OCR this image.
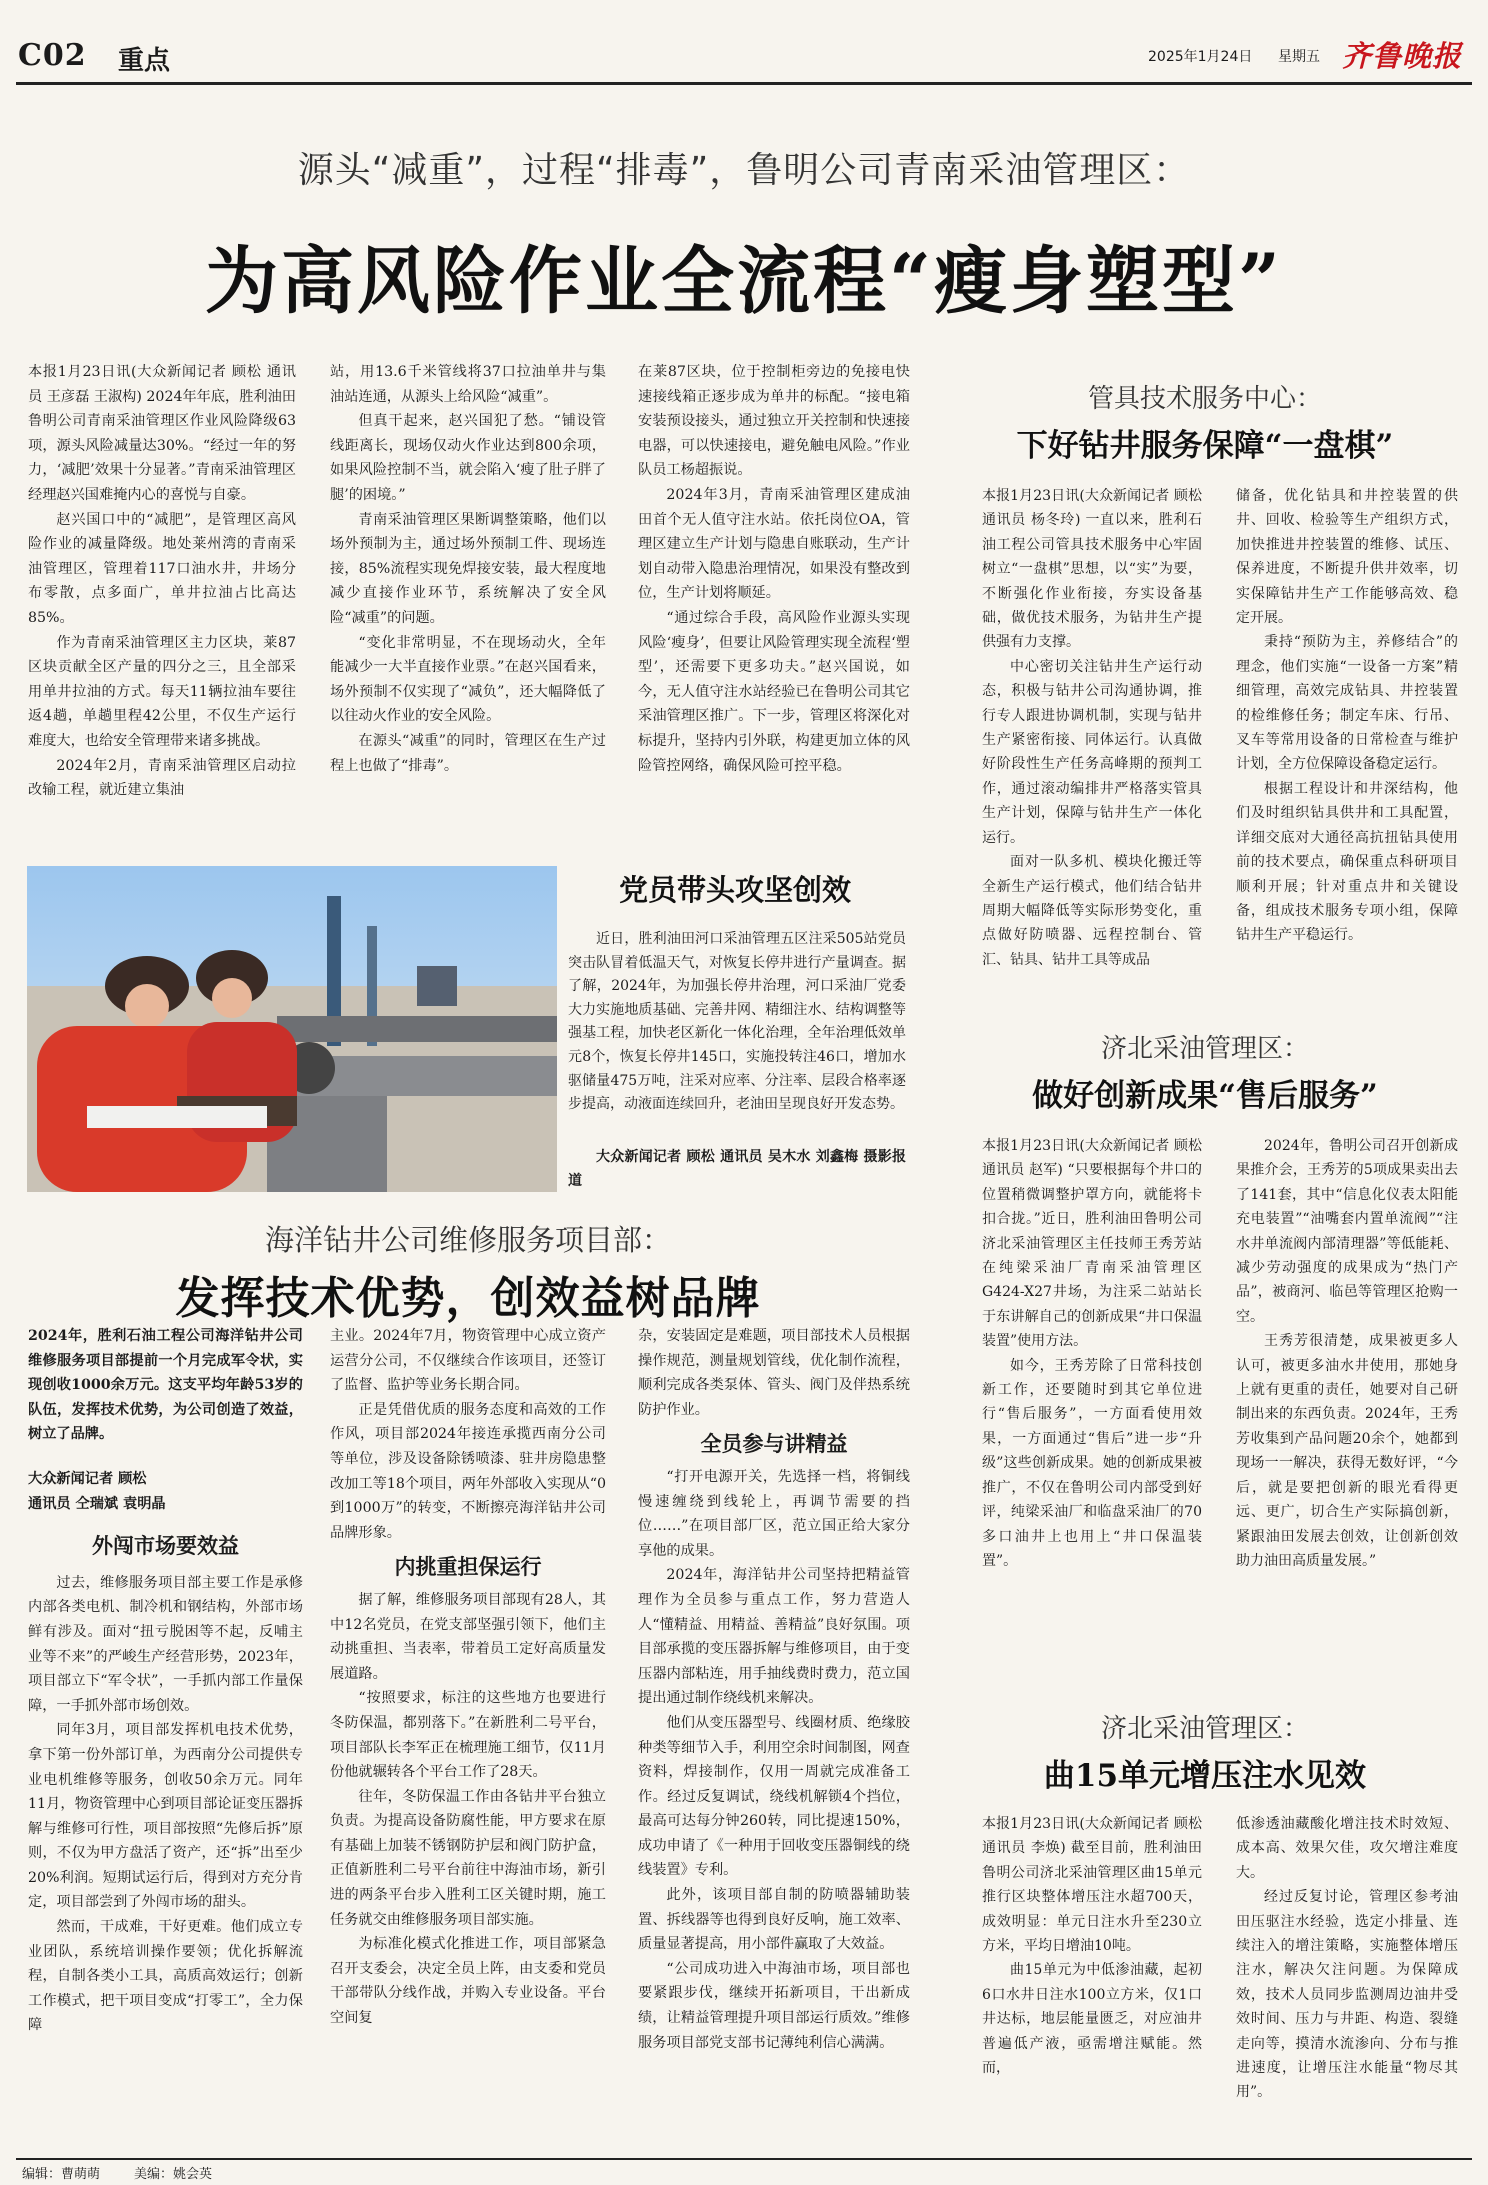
C02 重点	2025年1月24日 星期五 齐鲁晚报
源头“减重”，过程“排毒”，鲁明公司青南采油管理区：
为高风险作业全流程“瘦身塑型”

本报1月23日讯(大众新闻记者 顾松 通讯员 王彦磊 王淑构) 2024年年底，胜利油田鲁明公司青南采油管理区作业风险降级63项，源头风险减量达30%。“经过一年的努力，‘减肥’效果十分显著。”青南采油管理区经理赵兴国难掩内心的喜悦与自豪。

赵兴国口中的“减肥”，是管理区高风险作业的减量降级。地处莱州湾的青南采油管理区，管理着117口油水井，井场分布零散，点多面广，单井拉油占比高达85%。

作为青南采油管理区主力区块，莱87区块贡献全区产量的四分之三，且全部采用单井拉油的方式。每天11辆拉油车要往返4趟，单趟里程42公里，不仅生产运行难度大，也给安全管理带来诸多挑战。

2024年2月，青南采油管理区启动拉改输工程，就近建立集油

站，用13.6千米管线将37口拉油单井与集油站连通，从源头上给风险“减重”。

但真干起来，赵兴国犯了愁。“铺设管线距离长，现场仅动火作业达到800余项，如果风险控制不当，就会陷入‘瘦了肚子胖了腿’的困境。”

青南采油管理区果断调整策略，他们以场外预制为主，通过场外预制工件、现场连接，85%流程实现免焊接安装，最大程度地减少直接作业环节，系统解决了安全风险“减重”的问题。

“变化非常明显，不在现场动火，全年能减少一大半直接作业票。”在赵兴国看来，场外预制不仅实现了“减负”，还大幅降低了以往动火作业的安全风险。

在源头“减重”的同时，管理区在生产过程上也做了“排毒”。

在莱87区块，位于控制柜旁边的免接电快速接线箱正逐步成为单井的标配。“接电箱安装预设接头，通过独立开关控制和快速接电器，可以快速接电，避免触电风险。”作业队员工杨超振说。

2024年3月，青南采油管理区建成油田首个无人值守注水站。依托岗位OA，管理区建立生产计划与隐患自账联动，生产计划自动带入隐患治理情况，如果没有整改到位，生产计划将顺延。

“通过综合手段，高风险作业源头实现风险‘瘦身’，但要让风险管理实现全流程‘塑型’，还需要下更多功夫。”赵兴国说，如今，无人值守注水站经验已在鲁明公司其它采油管理区推广。下一步，管理区将深化对标提升，坚持内引外联，构建更加立体的风险管控网络，确保风险可控平稳。

党员带头攻坚创效

近日，胜利油田河口采油管理五区注采505站党员突击队冒着低温天气，对恢复长停井进行产量调查。据了解，2024年，为加强长停井治理，河口采油厂党委大力实施地质基础、完善井网、精细注水、结构调整等强基工程，加快老区新化一体化治理，全年治理低效单元8个，恢复长停井145口，实施投转注46口，增加水驱储量475万吨，注采对应率、分注率、层段合格率逐步提高，动液面连续回升，老油田呈现良好开发态势。

大众新闻记者 顾松 通讯员 吴木水 刘鑫梅 摄影报道

海洋钻井公司维修服务项目部：
发挥技术优势，创效益树品牌

2024年，胜利石油工程公司海洋钻井公司维修服务项目部提前一个月完成军令状，实现创收1000余万元。这支平均年龄53岁的队伍，发挥技术优势，为公司创造了效益，树立了品牌。

大众新闻记者 顾松

通讯员 仝瑞斌 袁明晶

外闯市场要效益

过去，维修服务项目部主要工作是承修内部各类电机、制冷机和钢结构，外部市场鲜有涉及。面对“扭亏脱困等不起，反哺主业等不来”的严峻生产经营形势，2023年，项目部立下“军令状”，一手抓内部工作量保障，一手抓外部市场创效。

同年3月，项目部发挥机电技术优势，拿下第一份外部订单，为西南分公司提供专业电机维修等服务，创收50余万元。同年11月，物资管理中心到项目部论证变压器拆解与维修可行性，项目部按照“先修后拆”原则，不仅为甲方盘活了资产，还“拆”出至少20%利润。短期试运行后，得到对方充分肯定，项目部尝到了外闯市场的甜头。

然而，干成难，干好更难。他们成立专业团队，系统培训操作要领；优化拆解流程，自制各类小工具，高质高效运行；创新工作模式，把干项目变成“打零工”，全力保障

主业。2024年7月，物资管理中心成立资产运营分公司，不仅继续合作该项目，还签订了监督、监护等业务长期合同。

正是凭借优质的服务态度和高效的工作作风，项目部2024年接连承揽西南分公司等单位，涉及设备除锈喷漆、驻井房隐患整改加工等18个项目，两年外部收入实现从“0到1000万”的转变，不断擦亮海洋钻井公司品牌形象。

内挑重担保运行

据了解，维修服务项目部现有28人，其中12名党员，在党支部坚强引领下，他们主动挑重担、当表率，带着员工定好高质量发展道路。

“按照要求，标注的这些地方也要进行冬防保温，都别落下。”在新胜利二号平台，项目部队长李军正在梳理施工细节，仅11月份他就辗转各个平台工作了28天。

往年，冬防保温工作由各钻井平台独立负责。为提高设备防腐性能，甲方要求在原有基础上加装不锈钢防护层和阀门防护盒，正值新胜利二号平台前往中海油市场，新引进的两条平台步入胜利工区关键时期，施工任务就交由维修服务项目部实施。

为标准化模式化推进工作，项目部紧急召开支委会，决定全员上阵，由支委和党员干部带队分线作战，并购入专业设备。平台空间复

杂，安装固定是难题，项目部技术人员根据操作规范，测量规划管线，优化制作流程，顺利完成各类泵体、管头、阀门及伴热系统防护作业。

全员参与讲精益

“打开电源开关，先选择一档，将铜线慢速缠绕到线轮上，再调节需要的挡位……”在项目部厂区，范立国正给大家分享他的成果。

2024年，海洋钻井公司坚持把精益管理作为全员参与重点工作，努力营造人人“懂精益、用精益、善精益”良好氛围。项目部承揽的变压器拆解与维修项目，由于变压器内部粘连，用手抽线费时费力，范立国提出通过制作绕线机来解决。

他们从变压器型号、线圈材质、绝缘胶种类等细节入手，利用空余时间制图，网查资料，焊接制作，仅用一周就完成准备工作。经过反复调试，绕线机解锁4个挡位，最高可达每分钟260转，同比提速150%，成功申请了《一种用于回收变压器铜线的绕线装置》专利。

此外，该项目部自制的防喷器辅助装置、拆线器等也得到良好反响，施工效率、质量显著提高，用小部件赢取了大效益。

“公司成功进入中海油市场，项目部也要紧跟步伐，继续开拓新项目，干出新成绩，让精益管理提升项目部运行质效。”维修服务项目部党支部书记薄纯利信心满满。

管具技术服务中心：
下好钻井服务保障“一盘棋”

本报1月23日讯(大众新闻记者 顾松 通讯员 杨冬玲) 一直以来，胜利石油工程公司管具技术服务中心牢固树立“一盘棋”思想，以“实”为要，不断强化作业衔接，夯实设备基础，做优技术服务，为钻井生产提供强有力支撑。

中心密切关注钻井生产运行动态，积极与钻井公司沟通协调，推行专人跟进协调机制，实现与钻井生产紧密衔接、同体运行。认真做好阶段性生产任务高峰期的预判工作，通过滚动编排井严格落实管具生产计划，保障与钻井生产一体化运行。

面对一队多机、模块化搬迁等全新生产运行模式，他们结合钻井周期大幅降低等实际形势变化，重点做好防喷器、远程控制台、管汇、钻具、钻井工具等成品

储备，优化钻具和井控装置的供井、回收、检验等生产组织方式，加快推进井控装置的维修、试压、保养进度，不断提升供井效率，切实保障钻井生产工作能够高效、稳定开展。

秉持“预防为主，养修结合”的理念，他们实施“一设备一方案”精细管理，高效完成钻具、井控装置的检维修任务；制定车床、行吊、叉车等常用设备的日常检查与维护计划，全方位保障设备稳定运行。

根据工程设计和井深结构，他们及时组织钻具供井和工具配置，详细交底对大通径高抗扭钻具使用前的技术要点，确保重点科研项目顺利开展；针对重点井和关键设备，组成技术服务专项小组，保障钻井生产平稳运行。

济北采油管理区：
做好创新成果“售后服务”

本报1月23日讯(大众新闻记者 顾松 通讯员 赵军) “只要根据每个井口的位置稍微调整护罩方向，就能将卡扣合拢。”近日，胜利油田鲁明公司济北采油管理区主任技师王秀芳站在纯梁采油厂青南采油管理区G424-X27井场，为注采二站站长于东讲解自己的创新成果“井口保温装置”使用方法。

如今，王秀芳除了日常科技创新工作，还要随时到其它单位进行“售后服务”，一方面看使用效果，一方面通过“售后”进一步“升级”这些创新成果。她的创新成果被推广，不仅在鲁明公司内部受到好评，纯梁采油厂和临盘采油厂的70多口油井上也用上“井口保温装置”。

2024年，鲁明公司召开创新成果推介会，王秀芳的5项成果卖出去了141套，其中“信息化仪表太阳能充电装置”“油嘴套内置单流阀”“注水井单流阀内部清理器”等低能耗、减少劳动强度的成果成为“热门产品”，被商河、临邑等管理区抢购一空。

王秀芳很清楚，成果被更多人认可，被更多油水井使用，那她身上就有更重的责任，她要对自己研制出来的东西负责。2024年，王秀芳收集到产品问题20余个，她都到现场一一解决，获得无数好评，“今后，就是要把创新的眼光看得更远、更广，切合生产实际搞创新，紧跟油田发展去创效，让创新创效助力油田高质量发展。”

济北采油管理区：
曲15单元增压注水见效

本报1月23日讯(大众新闻记者 顾松 通讯员 李焕) 截至目前，胜利油田鲁明公司济北采油管理区曲15单元推行区块整体增压注水超700天，成效明显：单元日注水升至230立方米，平均日增油10吨。

曲15单元为中低渗油藏，起初6口水井日注水100立方米，仅1口井达标，地层能量匮乏，对应油井普遍低产液，亟需增注赋能。然而，

低渗透油藏酸化增注技术时效短、成本高、效果欠佳，攻欠增注难度大。

经过反复讨论，管理区参考油田压驱注水经验，选定小排量、连续注入的增注策略，实施整体增压注水，解决欠注问题。为保障成效，技术人员同步监测周边油井受效时间、压力与井距、构造、裂缝走向等，摸清水流渗向、分布与推进速度，让增压注水能量“物尽其用”。

编辑：曹萌萌	美编：姚会英
